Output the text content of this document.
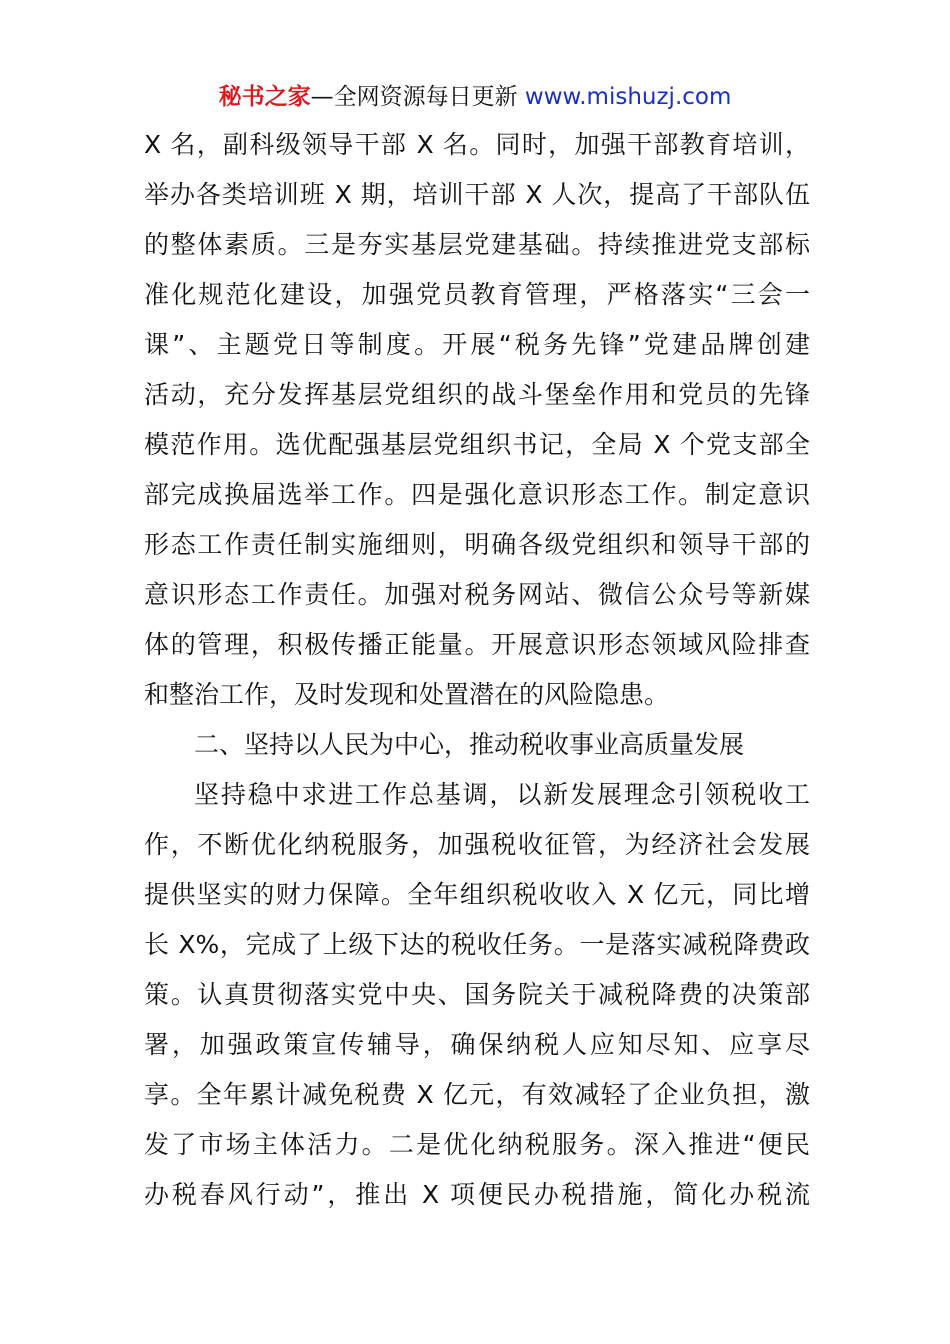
秘书之家—全网资源每日更新 www.mishuzj.com
X 名，副科级领导干部 X 名。同时，加强干部教育培训，
举办各类培训班 X 期，培训干部 X 人次，提高了干部队伍
的整体素质。三是夯实基层党建基础。持续推进党支部标
准化规范化建设，加强党员教育管理，严格落实“三会一
课”、主题党日等制度。开展“税务先锋”党建品牌创建
活动，充分发挥基层党组织的战斗堡垒作用和党员的先锋
模范作用。选优配强基层党组织书记，全局 X 个党支部全
部完成换届选举工作。四是强化意识形态工作。制定意识
形态工作责任制实施细则，明确各级党组织和领导干部的
意识形态工作责任。加强对税务网站、微信公众号等新媒
体的管理，积极传播正能量。开展意识形态领域风险排查
和整治工作，及时发现和处置潜在的风险隐患。
二、坚持以人民为中心，推动税收事业高质量发展
坚持稳中求进工作总基调，以新发展理念引领税收工
作，不断优化纳税服务，加强税收征管，为经济社会发展
提供坚实的财力保障。全年组织税收收入 X 亿元，同比增
长 X%，完成了上级下达的税收任务。一是落实减税降费政
策。认真贯彻落实党中央、国务院关于减税降费的决策部
署，加强政策宣传辅导，确保纳税人应知尽知、应享尽
享。全年累计减免税费 X 亿元，有效减轻了企业负担，激
发了市场主体活力。二是优化纳税服务。深入推进“便民
办税春风行动”，推出 X 项便民办税措施，简化办税流
